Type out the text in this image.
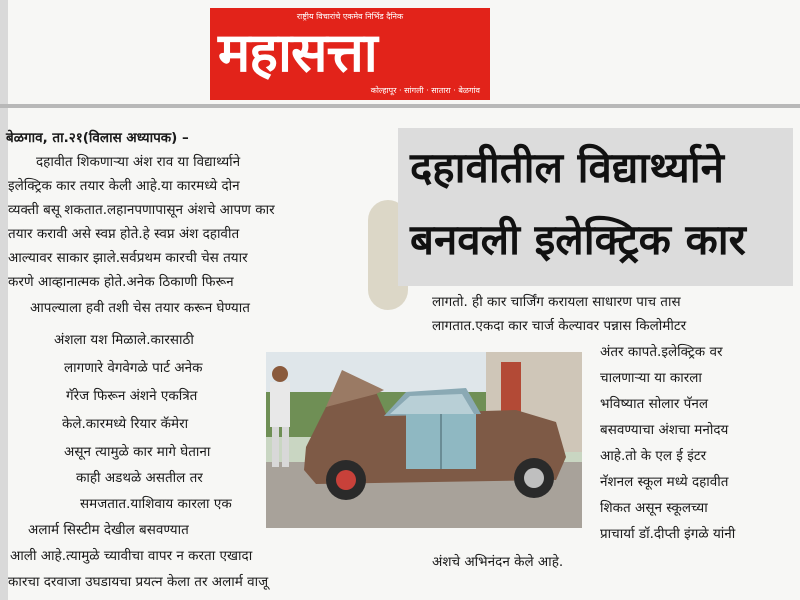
राष्ट्रीय विचारांचे एकमेव निर्भिड दैनिक
महासत्ता
कोल्हापूर · सांगली · सातारा · बेळगांव
बेळगाव, ता.२१(विलास अध्यापक) –
दहावीत शिकणाऱ्या अंश राव या विद्यार्थ्याने
इलेक्ट्रिक कार तयार केली आहे.या कारमध्ये दोन
व्यक्ती बसू शकतात.लहानपणापासून अंशचे आपण कार
तयार करावी असे स्वप्न होते.हे स्वप्न अंश दहावीत
आल्यावर साकार झाले.सर्वप्रथम कारची चेस तयार
करणे आव्हानात्मक होते.अनेक ठिकाणी फिरून
आपल्याला हवी तशी चेस तयार करून घेण्यात
अंशला यश मिळाले.कारसाठी
लागणारे वेगवेगळे पार्ट अनेक
गॅरेज फिरून अंशने एकत्रित
केले.कारमध्ये रियार कॅमेरा
असून त्यामुळे कार मागे घेताना
काही अडथळे असतील तर
समजतात.याशिवाय कारला एक
अलार्म सिस्टीम देखील बसवण्यात
आली आहे.त्यामुळे च्यावीचा वापर न करता एखादा
कारचा दरवाजा उघडायचा प्रयत्न केला तर अलार्म वाजू
दहावीतील विद्यार्थ्याने
बनवली इलेक्ट्रिक कार
लागतो. ही कार चार्जिंग करायला साधारण पाच तास
लागतात.एकदा कार चार्ज केल्यावर पन्नास किलोमीटर
अंतर कापते.इलेक्ट्रिक वर
चालणाऱ्या या कारला
भविष्यात सोलार पॅनल
बसवण्याचा अंशचा मनोदय
आहे.तो के एल ई इंटर
नॅशनल स्कूल मध्ये दहावीत
शिकत असून स्कूलच्या
प्राचार्या डॉ.दीप्ती इंगळे यांनी
अंशचे अभिनंदन केले आहे.
